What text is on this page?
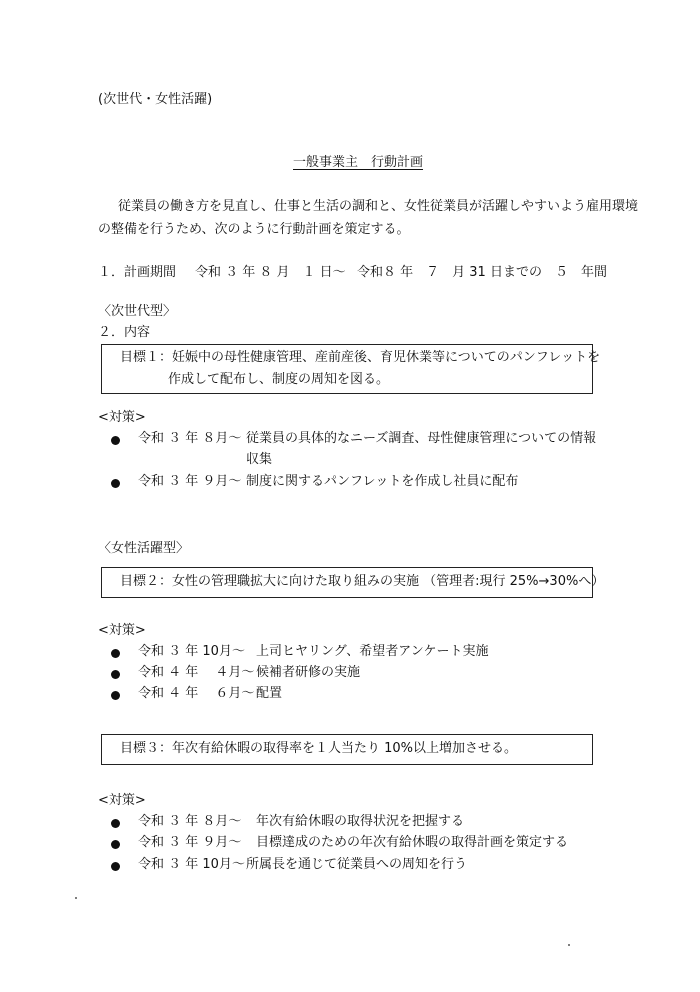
(次世代・女性活躍)
一般事業主　行動計画
従業員の働き方を見直し、仕事と生活の調和と、女性従業員が活躍しやすいよう雇用環境
の整備を行うため、次のように行動計画を策定する。
１．計画期間 令和 ３ 年 ８ 月　１ 日～ 令和８ 年　７　月 31 日までの　５　年間
〈次世代型〉
２．内容
目標１：妊娠中の母性健康管理、産前産後、育児休業等についてのパンフレットを
作成して配布し、制度の周知を図る。
<対策>
令和 ３ 年 ８月～ 従業員の具体的なニーズ調査、母性健康管理についての情報
収集
令和 ３ 年 ９月～ 制度に関するパンフレットを作成し社員に配布
〈女性活躍型〉
目標２：女性の管理職拡大に向けた取り組みの実施 （管理者:現行 25%→30%へ）
<対策>
令和 ３ 年 10月～ 上司ヒヤリング、希望者アンケート実施
令和 ４ 年　 ４月～ 候補者研修の実施
令和 ４ 年　 ６月～ 配置
目標３：年次有給休暇の取得率を１人当たり 10%以上増加させる。
<対策>
令和 ３ 年 ８月～ 年次有給休暇の取得状況を把握する
令和 ３ 年 ９月～ 目標達成のための年次有給休暇の取得計画を策定する
令和 ３ 年 10月～ 所属長を通じて従業員への周知を行う
